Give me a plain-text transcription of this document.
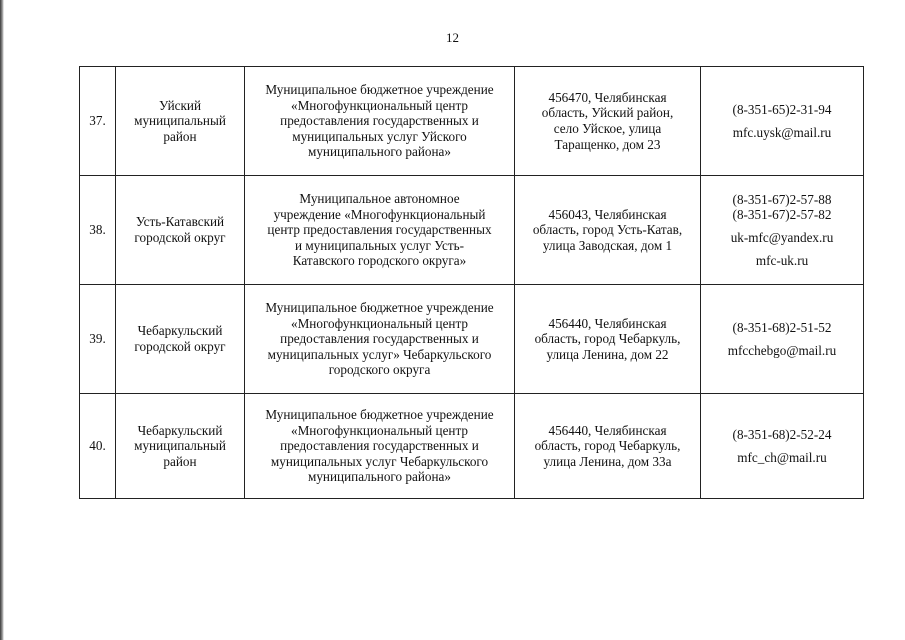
12
37.	Уйский
муниципальный
район	Муниципальное бюджетное учреждение
«Многофункциональный центр
предоставления государственных и
муниципальных услуг Уйского
муниципального района»	456470, Челябинская
область, Уйский район,
село Уйское, улица
Таращенко, дом 23	(8-351-65)2-31-94
mfc.uysk@mail.ru

38.	Усть-Катавский
городской округ	Муниципальное автономное
учреждение «Многофункциональный
центр предоставления государственных
и муниципальных услуг Усть-
Катавского городского округа»	456043, Челябинская
область, город Усть-Катав,
улица Заводская, дом 1	(8-351-67)2-57-88
(8-351-67)2-57-82
uk-mfc@yandex.ru
mfc-uk.ru

39.	Чебаркульский
городской округ	Муниципальное бюджетное учреждение
«Многофункциональный центр
предоставления государственных и
муниципальных услуг» Чебаркульского
городского округа	456440, Челябинская
область, город Чебаркуль,
улица Ленина, дом 22	(8-351-68)2-51-52
mfcchebgo@mail.ru

40.	Чебаркульский
муниципальный
район	Муниципальное бюджетное учреждение
«Многофункциональный центр
предоставления государственных и
муниципальных услуг Чебаркульского
муниципального района»	456440, Челябинская
область, город Чебаркуль,
улица Ленина, дом 33а	(8-351-68)2-52-24
mfc_ch@mail.ru
